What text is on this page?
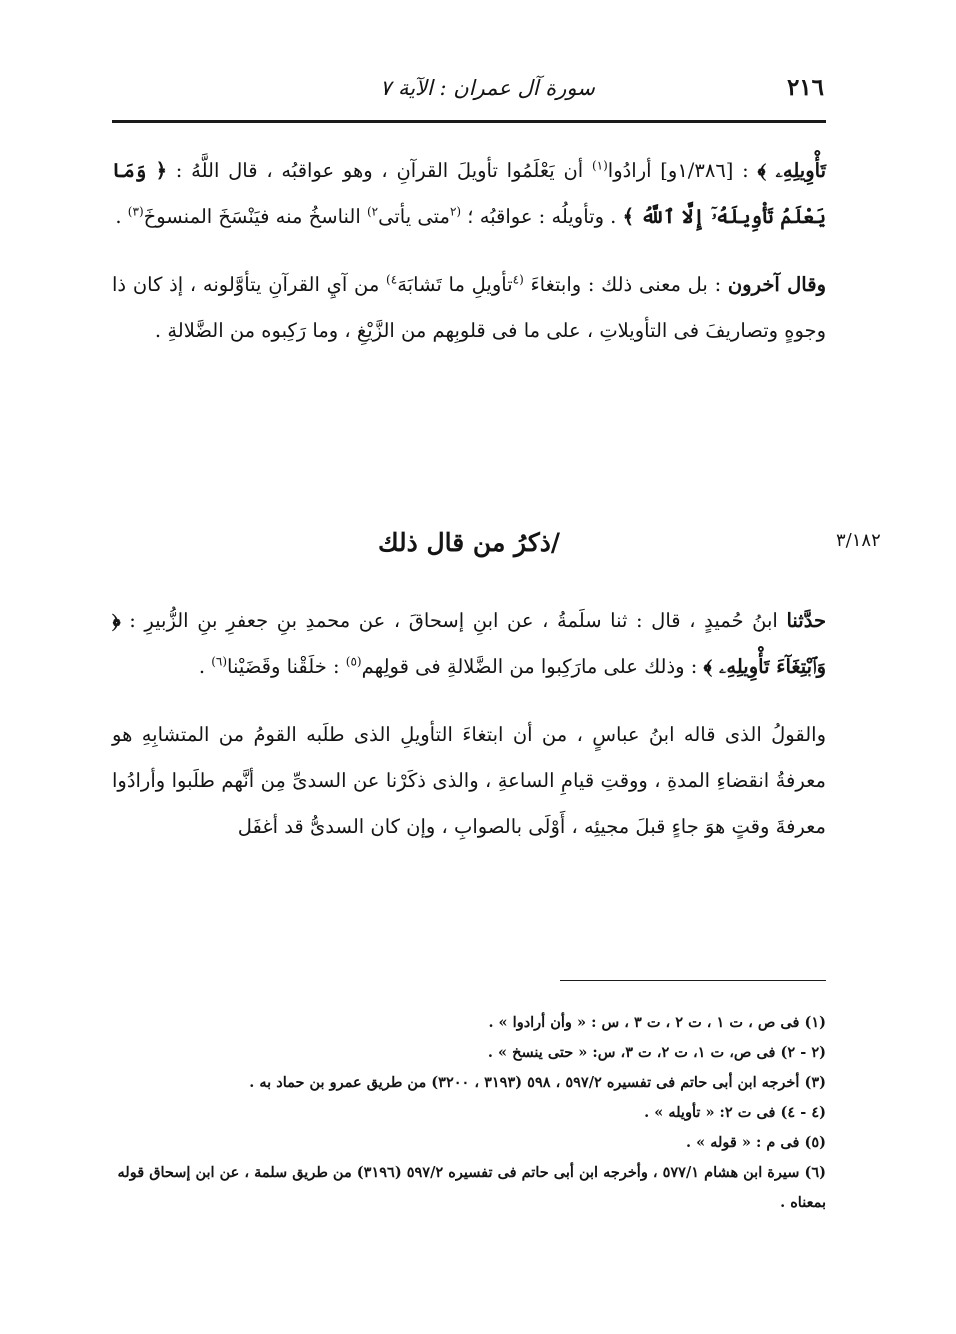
٢١٦
سورة آل عمران : الآية ٧

تَأْوِيلِهِۦ ﴾ : [١/٣٨٦و] أرادُوا$^{(١)}$ أن يَعْلَمُوا تأويلَ القرآنِ ، وهو عواقبُه ، قال اللَّهُ : ﴿ وَمَا يَعْلَمُ تَأْوِيلَهُۥٓ إِلَّا ٱللَّهُ ﴾ . وتأويلُه : عواقبُه ؛ $^{(٢}$متى يأتى$^{٢)}$ الناسخُ منه فيَنْسَخَ المنسوخَ$^{(٣)}$ .

وقال آخرون : بل معنى ذلك : وابتغاءَ $^{(٤}$تأويلِ ما تَشابَهَ$^{٤)}$ من آيِ القرآنِ يتأوَّلونه ، إذ كان ذا وجوهٍ وتصاريفَ فى التأويلاتِ ، على ما فى قلوبِهم من الزَّيْغِ ، وما رَكِبوه من الضَّلالةِ .

/ذكرُ من قال ذلك	٣/١٨٢

حدَّثنا ابنُ حُميدٍ ، قال : ثنا سلَمةُ ، عن ابنِ إسحاقَ ، عن محمدِ بنِ جعفرِ بنِ الزُّبيرِ : ﴿ وَٱبْتِغَآءَ تَأْوِيلِهِۦ ﴾ : وذلك على مارَكِبوا من الضَّلالةِ فى قولِهم$^{(٥)}$ : خلَقْنا وقَضَيْنا$^{(٦)}$ .

والقولُ الذى قاله ابنُ عباسٍ ، من أن ابتغاءَ التأويلِ الذى طلَبه القومُ من المتشابِهِ هو معرفةُ انقضاءِ المدةِ ، ووقتِ قيامِ الساعةِ ، والذى ذكَرْنا عن السدىِّ مِن أنَّهم طلَبوا وأرادُوا معرفةَ وقتٍ هوَ جاءٍ قبلَ مجيئِه ، أَوْلَى بالصوابِ ، وإن كان السدىُّ قد أغفَل

(١) فى ص ، ت ١ ، ت ٢ ، ت ٣ ، س : « وأن أرادوا » .

(٢ - ٢) فى ص، ت ١، ت ٢، ت ٣، س: « حتى ينسخ » .

(٣) أخرجه ابن أبى حاتم فى تفسيره ٥٩٧/٢ ، ٥٩٨ (٣١٩٣ ، ٣٢٠٠) من طريق عمرو بن حماد به .

(٤ - ٤) فى ت ٢: « تأويله » .

(٥) فى م : « قوله » .

(٦) سيرة ابن هشام ٥٧٧/١ ، وأخرجه ابن أبى حاتم فى تفسيره ٥٩٧/٢ (٣١٩٦) من طريق سلمة ، عن ابن إسحاق قوله بمعناه .
